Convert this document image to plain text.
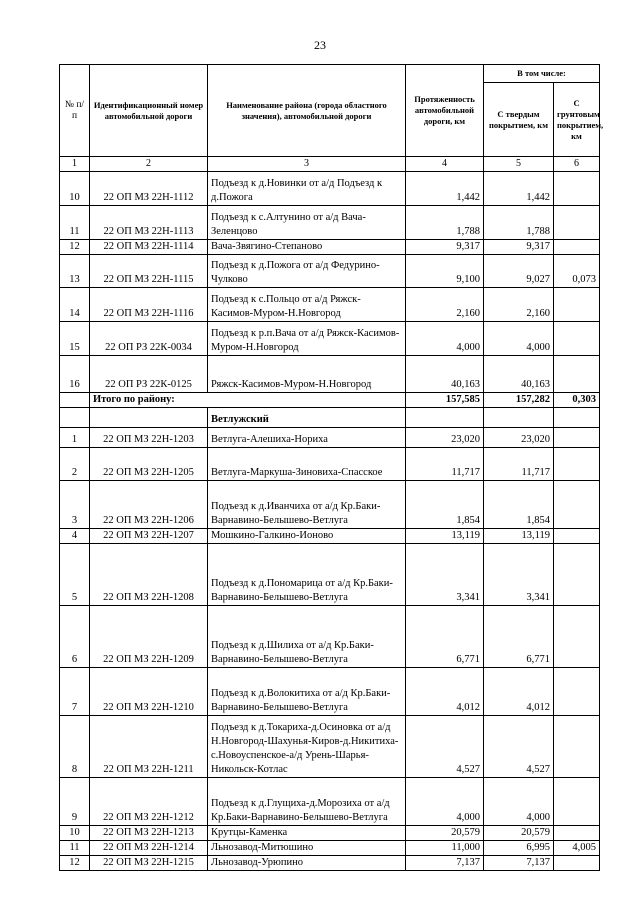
23
№ п/п	Идентификационный номер автомобильной дороги	Наименование района (города областного значения), автомобильной дороги	Протяженность автомобильной дороги, км	В том числе:	
				С твердым покрытием, км	С грунтовым покрытием, км
1	2	3	4	5	6
10	22 ОП МЗ 22Н-1112	Подъезд к д.Новинки от а/д Подъезд к д.Пожога	1,442	1,442	
11	22 ОП МЗ 22Н-1113	Подъезд к с.Алтунино от а/д Вача-Зеленцово	1,788	1,788	
12	22 ОП МЗ 22Н-1114	Вача-Звягино-Степаново	9,317	9,317	
13	22 ОП МЗ 22Н-1115	Подъезд к д.Пожога от а/д Федурино-Чулково	9,100	9,027	0,073
14	22 ОП МЗ 22Н-1116	Подъезд к с.Польцо от а/д Ряжск-Касимов-Муром-Н.Новгород	2,160	2,160	
15	22 ОП РЗ 22К-0034	Подъезд к р.п.Вача от а/д Ряжск-Касимов-Муром-Н.Новгород	4,000	4,000	
16	22 ОП РЗ 22К-0125	Ряжск-Касимов-Муром-Н.Новгород	40,163	40,163	
	Итого по району:		157,585	157,282	0,303
		Ветлужский			
1	22 ОП МЗ 22Н-1203	Ветлуга-Алешиха-Нориха	23,020	23,020	
2	22 ОП МЗ 22Н-1205	Ветлуга-Маркуша-Зиновиха-Спасское	11,717	11,717	
3	22 ОП МЗ 22Н-1206	Подъезд к д.Иванчиха от а/д Кр.Баки-Варнавино-Белышево-Ветлуга	1,854	1,854	
4	22 ОП МЗ 22Н-1207	Мошкино-Галкино-Ионово	13,119	13,119	
5	22 ОП МЗ 22Н-1208	Подъезд к д.Пономарица от а/д Кр.Баки-Варнавино-Белышево-Ветлуга	3,341	3,341	
6	22 ОП МЗ 22Н-1209	Подъезд к д.Шилиха от а/д Кр.Баки-Варнавино-Белышево-Ветлуга	6,771	6,771	
7	22 ОП МЗ 22Н-1210	Подъезд к д.Волокитиха от а/д Кр.Баки-Варнавино-Белышево-Ветлуга	4,012	4,012	
8	22 ОП МЗ 22Н-1211	Подъезд к д.Токариха-д.Осиновка от а/д Н.Новгород-Шахунья-Киров-д.Никитиха-с.Новоуспенское-а/д Урень-Шарья-Никольск-Котлас	4,527	4,527	
9	22 ОП МЗ 22Н-1212	Подъезд к д.Глущиха-д.Морозиха от а/д Кр.Баки-Варнавино-Белышево-Ветлуга	4,000	4,000	
10	22 ОП МЗ 22Н-1213	Крутцы-Каменка	20,579	20,579	
11	22 ОП МЗ 22Н-1214	Льнозавод-Митюшино	11,000	6,995	4,005
12	22 ОП МЗ 22Н-1215	Льнозавод-Урюпино	7,137	7,137	
